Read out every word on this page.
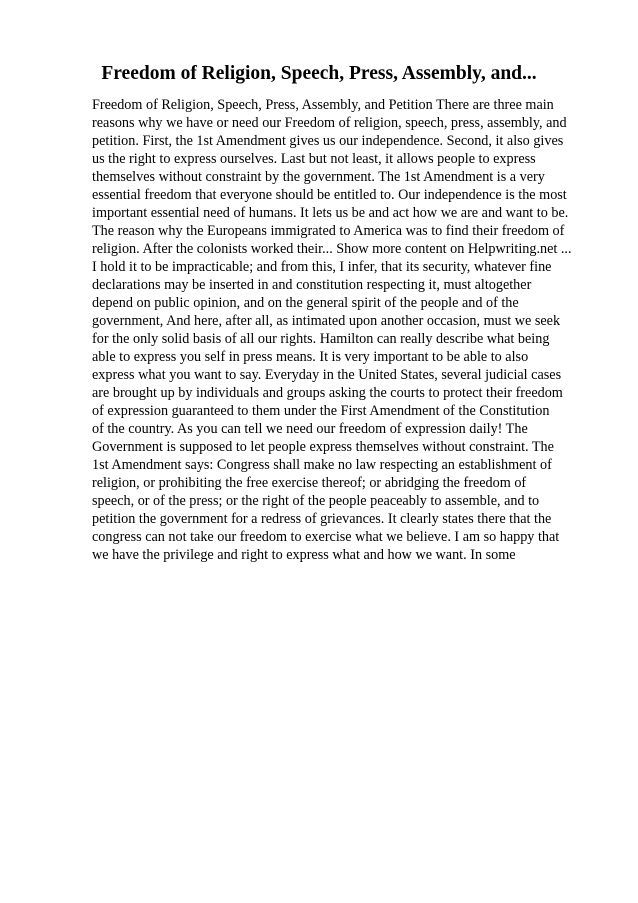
Freedom of Religion, Speech, Press, Assembly, and...
Freedom of Religion, Speech, Press, Assembly, and Petition There are three main
reasons why we have or need our Freedom of religion, speech, press, assembly, and
petition. First, the 1st Amendment gives us our independence. Second, it also gives
us the right to express ourselves. Last but not least, it allows people to express
themselves without constraint by the government. The 1st Amendment is a very
essential freedom that everyone should be entitled to. Our independence is the most
important essential need of humans. It lets us be and act how we are and want to be.
The reason why the Europeans immigrated to America was to find their freedom of
religion. After the colonists worked their... Show more content on Helpwriting.net ...
I hold it to be impracticable; and from this, I infer, that its security, whatever fine
declarations may be inserted in and constitution respecting it, must altogether
depend on public opinion, and on the general spirit of the people and of the
government, And here, after all, as intimated upon another occasion, must we seek
for the only solid basis of all our rights. Hamilton can really describe what being
able to express you self in press means. It is very important to be able to also
express what you want to say. Everyday in the United States, several judicial cases
are brought up by individuals and groups asking the courts to protect their freedom
of expression guaranteed to them under the First Amendment of the Constitution
of the country. As you can tell we need our freedom of expression daily! The
Government is supposed to let people express themselves without constraint. The
1st Amendment says: Congress shall make no law respecting an establishment of
religion, or prohibiting the free exercise thereof; or abridging the freedom of
speech, or of the press; or the right of the people peaceably to assemble, and to
petition the government for a redress of grievances. It clearly states there that the
congress can not take our freedom to exercise what we believe. I am so happy that
we have the privilege and right to express what and how we want. In some
